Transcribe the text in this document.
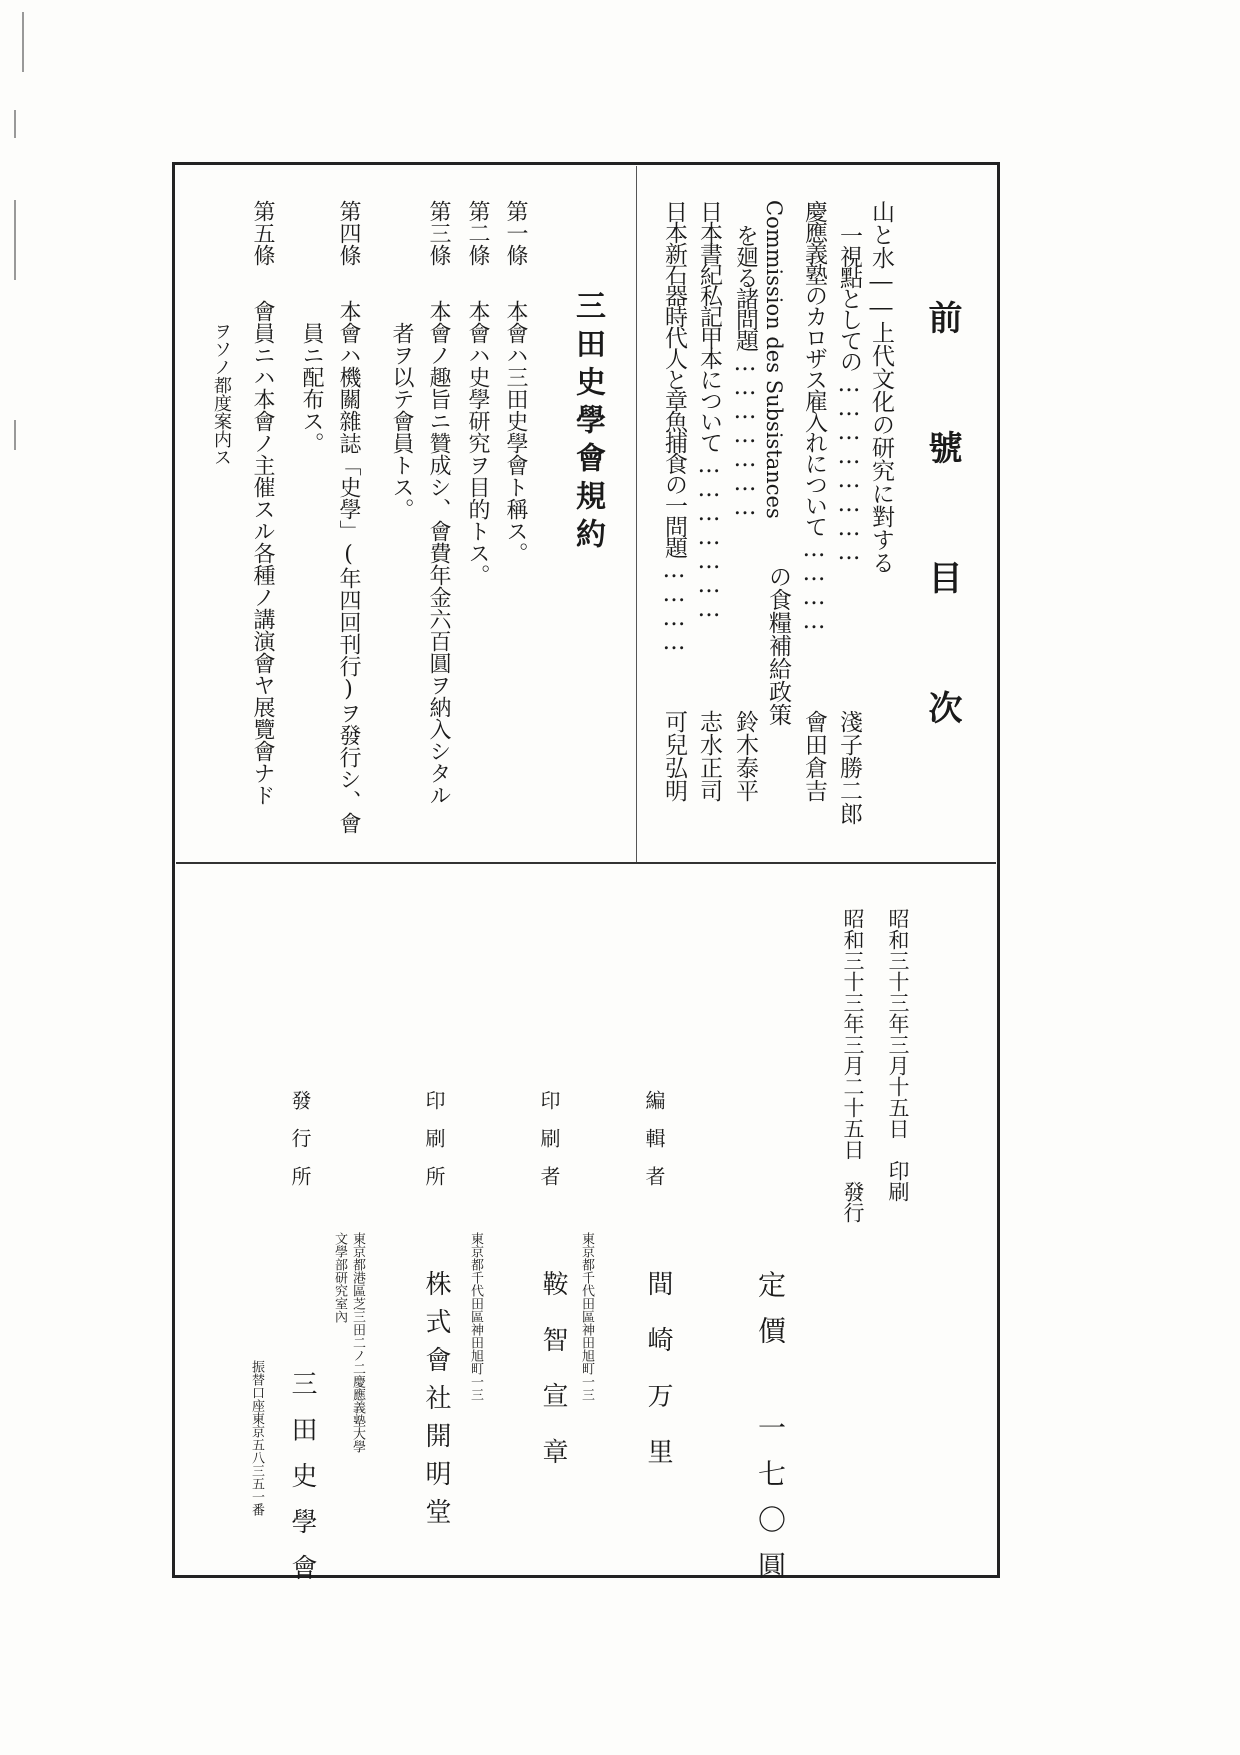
前 號 目 次
山と水――上代文化の研究に對する
一視點としての……………………
淺子勝二郎
慶應義塾のカロザス雇入れについて…………
會田倉吉
Commission des Subsistances
の食糧補給政策
を廻る諸問題…………………
鈴木泰平
日本書紀私記甲本について…………………
志水正司
日本新石器時代人と章魚捕食の一問題…………
可兒弘明
三田史學會規約
第一條
本會ハ三田史學會ト稱ス。
第二條
本會ハ史學研究ヲ目的トス。
第三條
本會ノ趣旨ニ贊成シ、會費年金六百圓ヲ納入シタル
者ヲ以テ會員トス。
第四條
本會ハ機關雜誌「史學」(年四回刊行)ヲ發行シ、會
員ニ配布ス。
第五條
會員ニハ本會ノ主催スル各種ノ講演會ヤ展覽會ナド
ヲソノ都度案内ス
昭和三十三年三月十五日　印刷
昭和三十三年三月二十五日　發行
定價 一七〇圓
編輯者
間崎万里
東京都千代田區神田旭町一三
印刷者
鞍智宣章
東京都千代田區神田旭町一三
印刷所
株式會社開明堂
東京都港區芝三田二ノ二慶應義塾大學
文學部研究室內
發行所
三田史學會
振替口座東京五八三五一番
